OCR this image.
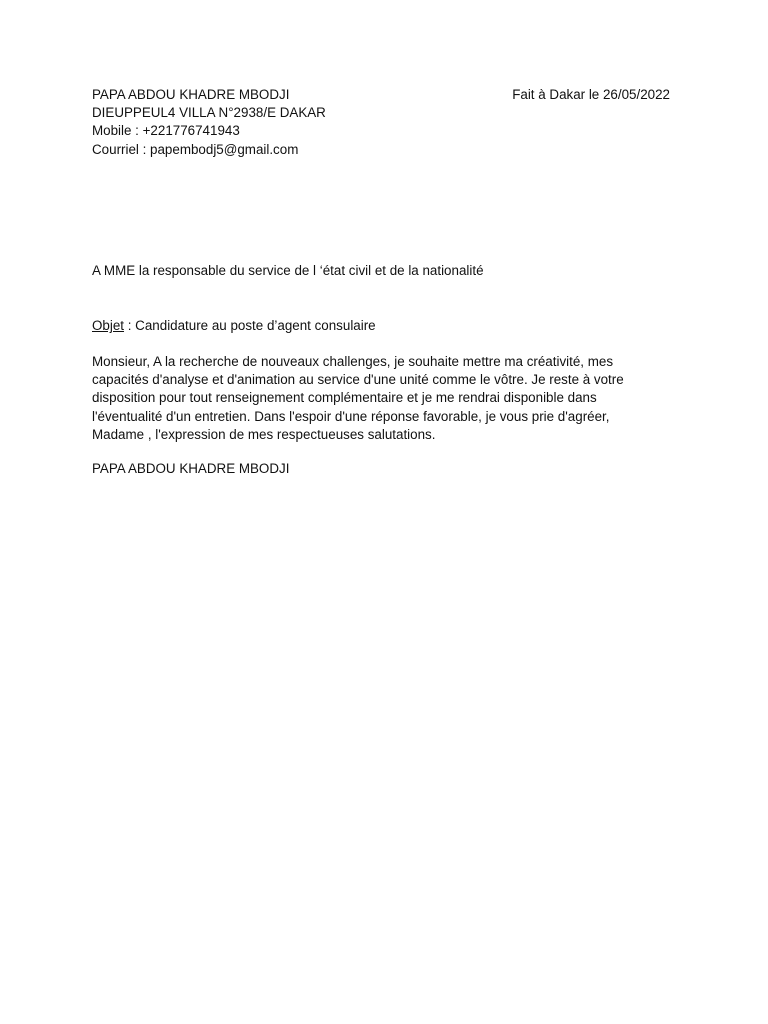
PAPA ABDOU KHADRE MBODJI
DIEUPPEUL4 VILLA N°2938/E DAKAR
Mobile : +221776741943
Courriel : papembodj5@gmail.com
Fait à Dakar le 26/05/2022
A MME la responsable du service de l ‘état civil et de la nationalité
Objet : Candidature au poste d’agent consulaire
Monsieur, A la recherche de nouveaux challenges, je souhaite mettre ma créativité, mes
capacités d'analyse et d'animation au service d'une unité comme le vôtre. Je reste à votre
disposition pour tout renseignement complémentaire et je me rendrai disponible dans
l'éventualité d'un entretien. Dans l'espoir d'une réponse favorable, je vous prie d'agréer,
Madame , l'expression de mes respectueuses salutations.
PAPA ABDOU KHADRE MBODJI
